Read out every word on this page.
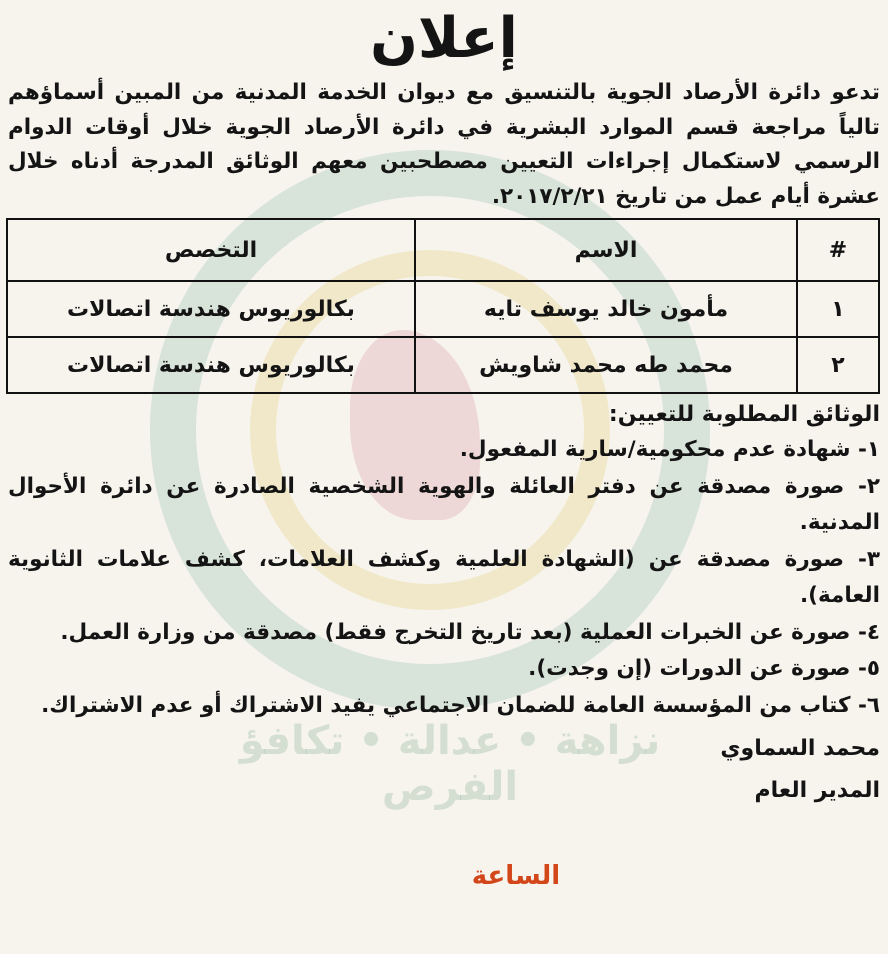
نزاهة • عدالة • تكافؤ الفرص
إعلان

تدعو دائرة الأرصاد الجوية بالتنسيق مع ديوان الخدمة المدنية من المبين أسماؤهم تالياً مراجعة قسم الموارد البشرية في دائرة الأرصاد الجوية خلال أوقات الدوام الرسمي لاستكمال إجراءات التعيين مصطحبين معهم الوثائق المدرجة أدناه خلال عشرة أيام عمل من تاريخ ٢٠١٧/٢/٢١.

#	الاسم	التخصص
١	مأمون خالد يوسف تايه	بكالوريوس هندسة اتصالات
٢	محمد طه محمد شاويش	بكالوريوس هندسة اتصالات

الوثائق المطلوبة للتعيين:

١- شهادة عدم محكومية/سارية المفعول.

٢- صورة مصدقة عن دفتر العائلة والهوية الشخصية الصادرة عن دائرة الأحوال المدنية.

٣- صورة مصدقة عن (الشهادة العلمية وكشف العلامات، كشف علامات الثانوية العامة).

٤- صورة عن الخبرات العملية (بعد تاريخ التخرج فقط) مصدقة من وزارة العمل.

٥- صورة عن الدورات (إن وجدت).

٦- كتاب من المؤسسة العامة للضمان الاجتماعي يفيد الاشتراك أو عدم الاشتراك.

محمد السماوي
المدير العام
الساعة
